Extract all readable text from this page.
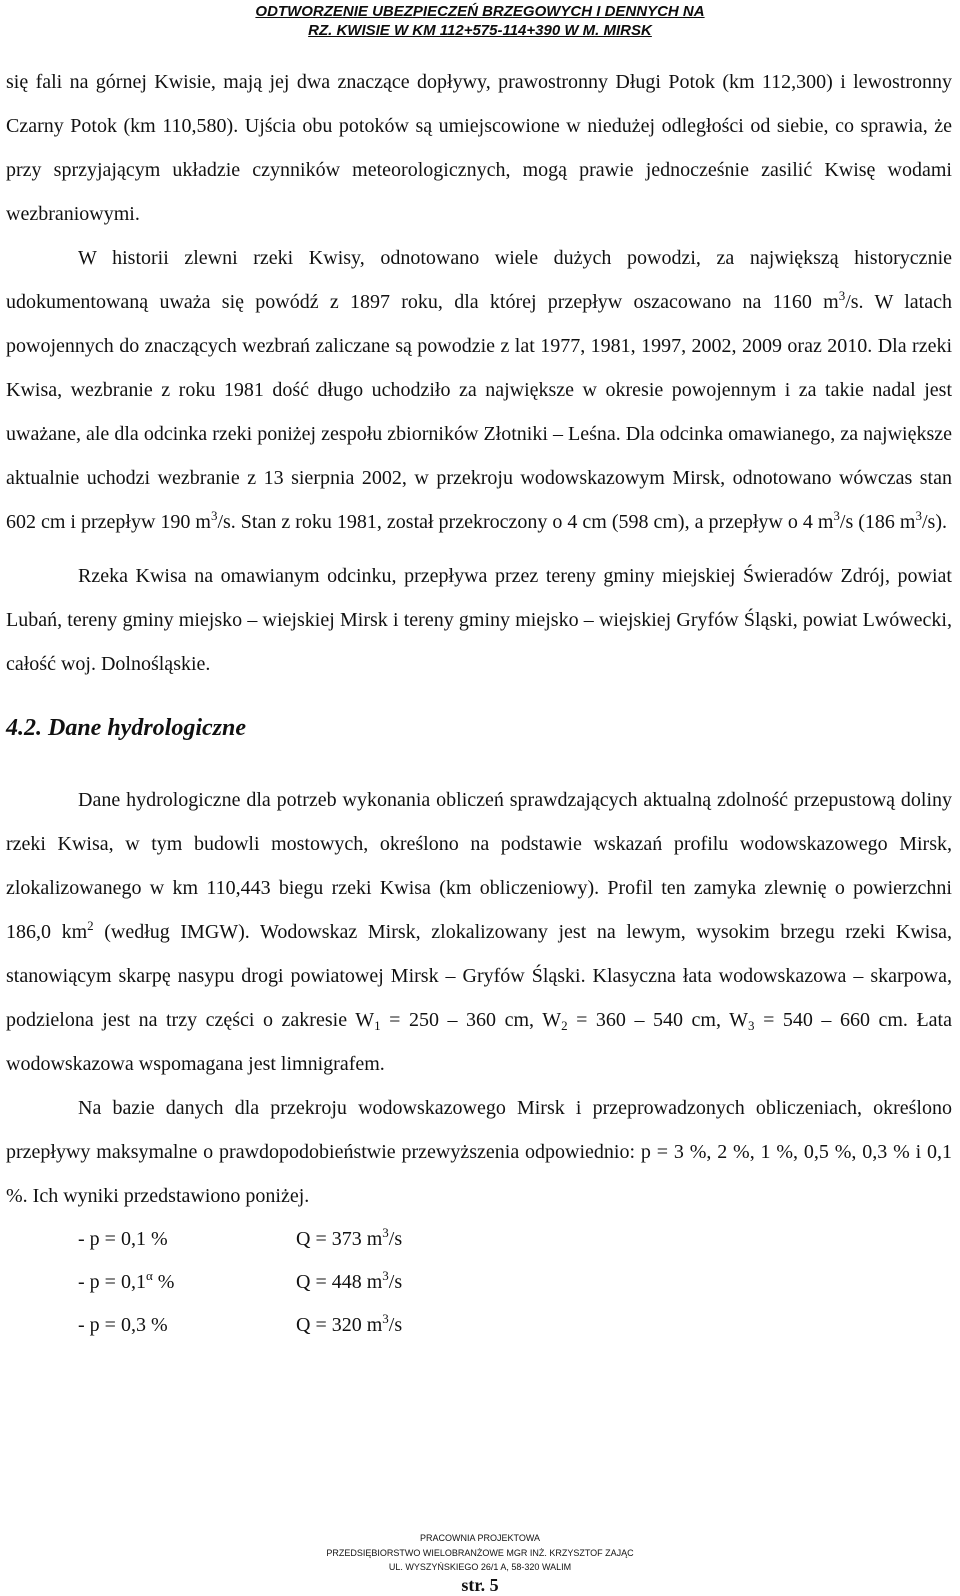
ODTWORZENIE UBEZPIECZEŃ BRZEGOWYCH I DENNYCH NA
RZ. KWISIE W KM 112+575-114+390 W M. MIRSK

się fali na górnej Kwisie, mają jej dwa znaczące dopływy, prawostronny Długi Potok (km 112,300) i lewostronny Czarny Potok (km 110,580). Ujścia obu potoków są umiejscowione w niedużej odległości od siebie, co sprawia, że przy sprzyjającym układzie czynników meteorologicznych, mogą prawie jednocześnie zasilić Kwisę wodami wezbraniowymi.

W historii zlewni rzeki Kwisy, odnotowano wiele dużych powodzi, za największą historycznie udokumentowaną uważa się powódź z 1897 roku, dla której przepływ oszacowano na 1160 $m^3/s$. W latach powojennych do znaczących wezbrań zaliczane są powodzie z lat 1977, 1981, 1997, 2002, 2009 oraz 2010. Dla rzeki Kwisa, wezbranie z roku 1981 dość długo uchodziło za największe w okresie powojennym i za takie nadal jest uważane, ale dla odcinka rzeki poniżej zespołu zbiorników Złotniki – Leśna. Dla odcinka omawianego, za największe aktualnie uchodzi wezbranie z 13 sierpnia 2002, w przekroju wodowskazowym Mirsk, odnotowano wówczas stan 602 cm i przepływ 190 $m^3/s$. Stan z roku 1981, został przekroczony o 4 cm (598 cm), a przepływ o 4 $m^3/s$ (186 $m^3/s$).

Rzeka Kwisa na omawianym odcinku, przepływa przez tereny gminy miejskiej Świeradów Zdrój, powiat Lubań, tereny gminy miejsko – wiejskiej Mirsk i tereny gminy miejsko – wiejskiej Gryfów Śląski, powiat Lwówecki, całość woj. Dolnośląskie.

4.2. Dane hydrologiczne

Dane hydrologiczne dla potrzeb wykonania obliczeń sprawdzających aktualną zdolność przepustową doliny rzeki Kwisa, w tym budowli mostowych, określono na podstawie wskazań profilu wodowskazowego Mirsk, zlokalizowanego w km 110,443 biegu rzeki Kwisa (km obliczeniowy). Profil ten zamyka zlewnię o powierzchni 186,0 $km^2$ (według IMGW). Wodowskaz Mirsk, zlokalizowany jest na lewym, wysokim brzegu rzeki Kwisa, stanowiącym skarpę nasypu drogi powiatowej Mirsk – Gryfów Śląski. Klasyczna łata wodowskazowa – skarpowa, podzielona jest na trzy części o zakresie $W_1 = 250 - 360$ cm, $W_2 = 360 - 540$ cm, $W_3 = 540 - 660$ cm. Łata wodowskazowa wspomagana jest limnigrafem.

Na bazie danych dla przekroju wodowskazowego Mirsk i przeprowadzonych obliczeniach, określono przepływy maksymalne o prawdopodobieństwie przewyższenia odpowiednio: p = 3 %, 2 %, 1 %, 0,5 %, 0,3 % i 0,1 %. Ich wyniki przedstawiono poniżej.

- p = 0,1 %	Q = 373 $m^3/s$
- $p = 0,1^\alpha$ %	Q = 448 $m^3/s$
- p = 0,3 %	Q = 320 $m^3/s$
PRACOWNIA PROJEKTOWA
PRZEDSIĘBIORSTWO WIELOBRANŻOWE MGR INŻ. KRZYSZTOF ZAJĄC
UL. WYSZYŃSKIEGO 26/1 A, 58-320 WALIM
str. 5
